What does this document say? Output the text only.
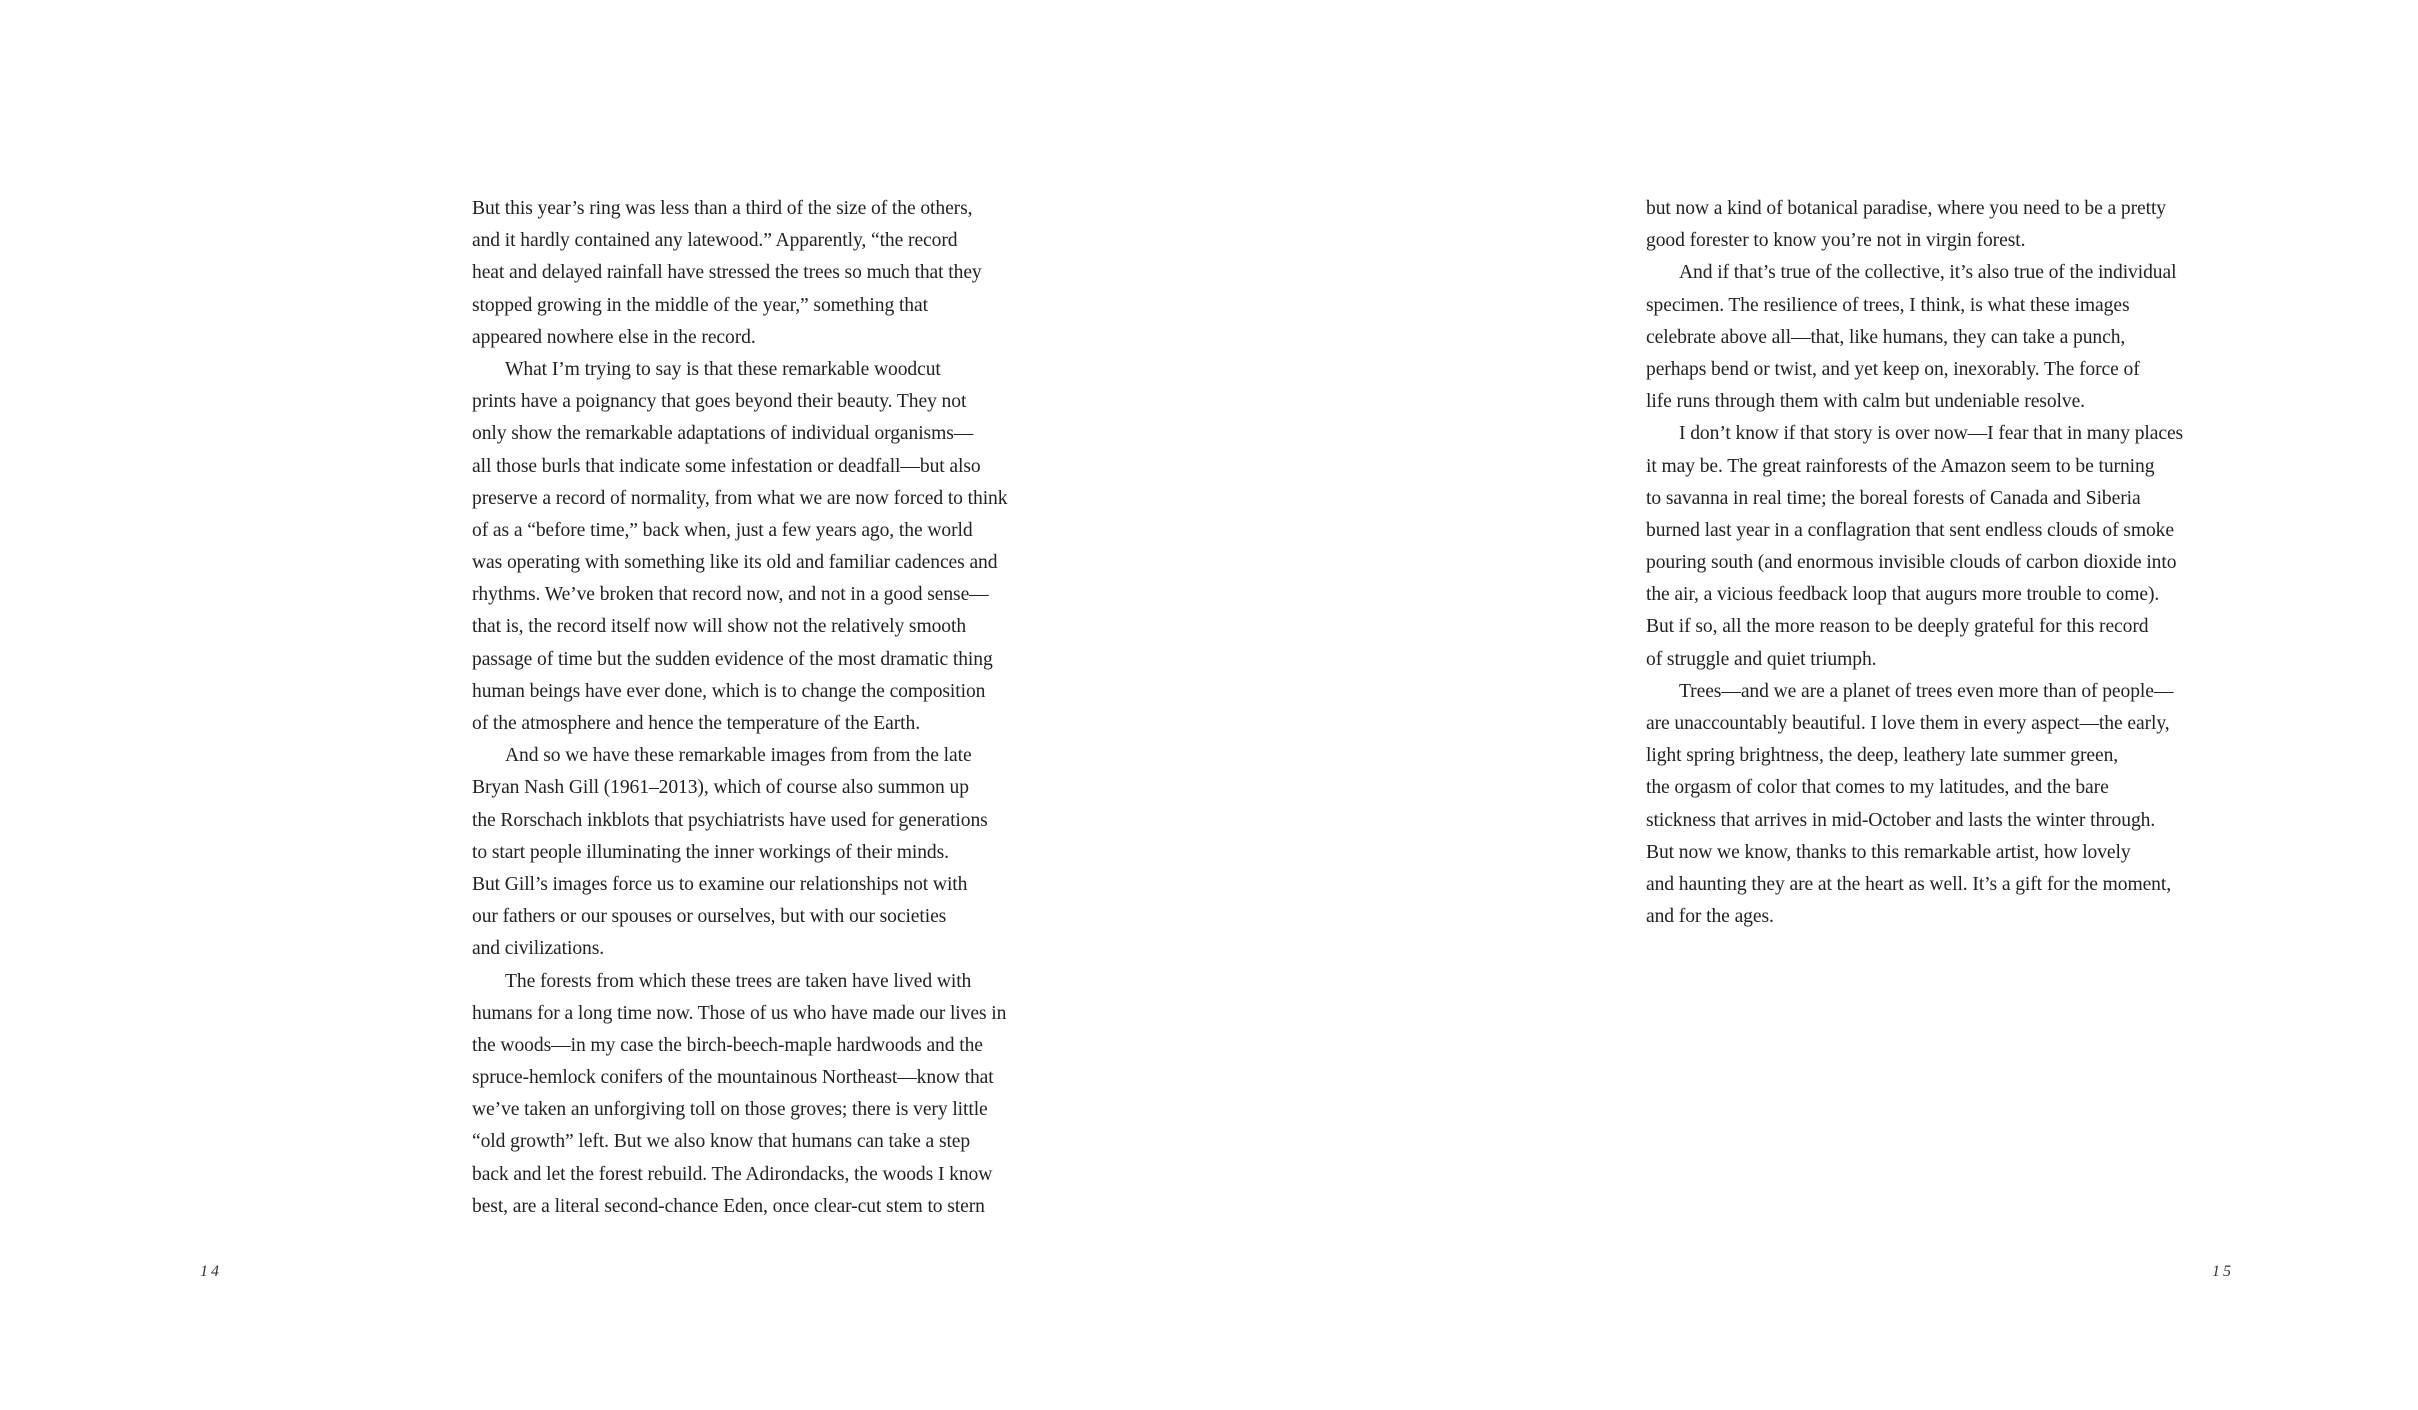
But this year’s ring was less than a third of the size of the others,
and it hardly contained any latewood.” Apparently, “the record
heat and delayed rainfall have stressed the trees so much that they
stopped growing in the middle of the year,” something that
appeared nowhere else in the record.
What I’m trying to say is that these remarkable woodcut
prints have a poignancy that goes beyond their beauty. They not
only show the remarkable adaptations of individual organisms—
all those burls that indicate some infestation or deadfall—but also
preserve a record of normality, from what we are now forced to think
of as a “before time,” back when, just a few years ago, the world
was operating with something like its old and familiar cadences and
rhythms. We’ve broken that record now, and not in a good sense—
that is, the record itself now will show not the relatively smooth
passage of time but the sudden evidence of the most dramatic thing
human beings have ever done, which is to change the composition
of the atmosphere and hence the temperature of the Earth.
And so we have these remarkable images from from the late
Bryan Nash Gill (1961–2013), which of course also summon up
the Rorschach inkblots that psychiatrists have used for generations
to start people illuminating the inner workings of their minds.
But Gill’s images force us to examine our relationships not with
our fathers or our spouses or ourselves, but with our societies
and civilizations.
The forests from which these trees are taken have lived with
humans for a long time now. Those of us who have made our lives in
the woods—in my case the birch-beech-maple hardwoods and the
spruce-hemlock conifers of the mountainous Northeast—know that
we’ve taken an unforgiving toll on those groves; there is very little
“old growth” left. But we also know that humans can take a step
back and let the forest rebuild. The Adirondacks, the woods I know
best, are a literal second-chance Eden, once clear-cut stem to stern
14
but now a kind of botanical paradise, where you need to be a pretty
good forester to know you’re not in virgin forest.
And if that’s true of the collective, it’s also true of the individual
specimen. The resilience of trees, I think, is what these images
celebrate above all—that, like humans, they can take a punch,
perhaps bend or twist, and yet keep on, inexorably. The force of
life runs through them with calm but undeniable resolve.
I don’t know if that story is over now—I fear that in many places
it may be. The great rainforests of the Amazon seem to be turning
to savanna in real time; the boreal forests of Canada and Siberia
burned last year in a conflagration that sent endless clouds of smoke
pouring south (and enormous invisible clouds of carbon dioxide into
the air, a vicious feedback loop that augurs more trouble to come).
But if so, all the more reason to be deeply grateful for this record
of struggle and quiet triumph.
Trees—and we are a planet of trees even more than of people—
are unaccountably beautiful. I love them in every aspect—the early,
light spring brightness, the deep, leathery late summer green,
the orgasm of color that comes to my latitudes, and the bare
stickness that arrives in mid-October and lasts the winter through.
But now we know, thanks to this remarkable artist, how lovely
and haunting they are at the heart as well. It’s a gift for the moment,
and for the ages.
15
